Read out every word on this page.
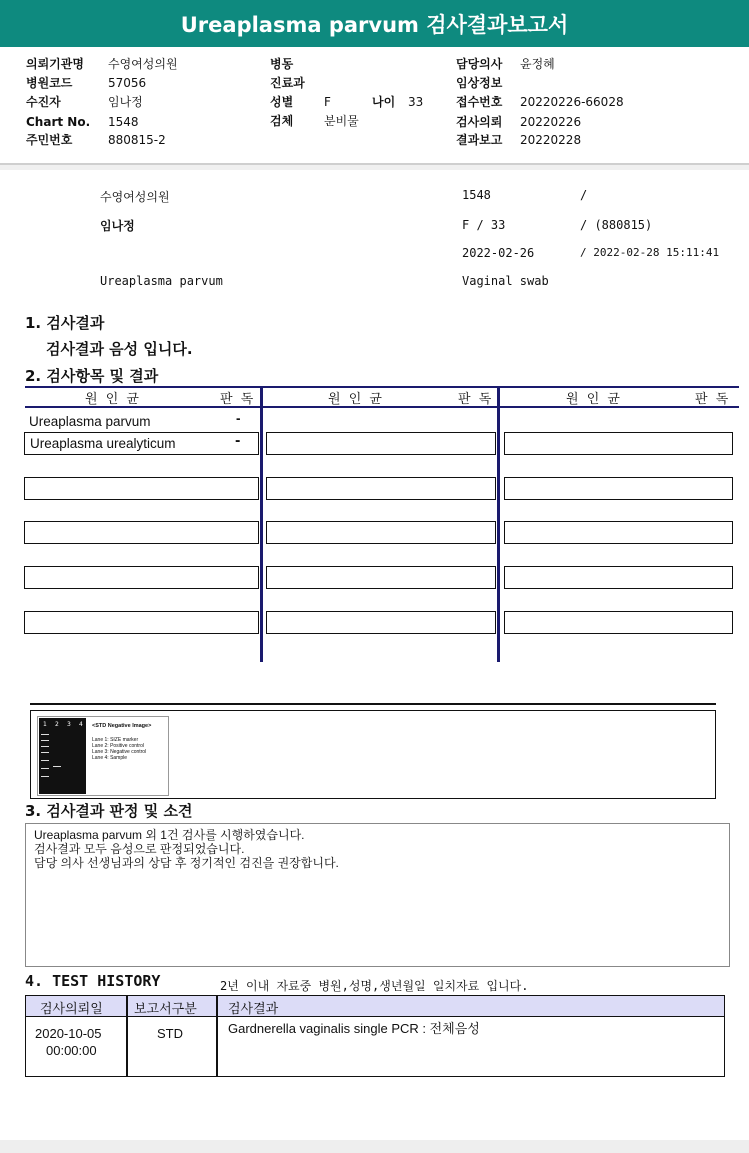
Ureaplasma parvum 검사결과보고서
의뢰기관명 수영여성의원
병원코드	57056
수진자	임나정
Chart No. 1548
주민번호	880815-2
병동
진료과
성별	F	나이 33
검체	분비물
담당의사 윤정혜
임상정보
접수번호 20220226-66028
검사의뢰 20220226
결과보고 20220228
수영여성의원	1548	/
임나정	F / 33	/ (880815)
2022-02-26	/ 2022-02-28 15:11:41
Ureaplasma parvum	Vaginal swab
1. 검사결과
검사결과 음성 입니다.
2. 검사항목 및 결과
원 인 균	판 독	원 인 균	판 독	원 인 균	판 독
Ureaplasma parvum	-
Ureaplasma urealyticum	-
1 2 3 4 <STD Negative Image>
Lane 1: SIZE marker
Lane 2: Positive control
Lane 3: Negative control
Lane 4: Sample
3. 검사결과 판정 및 소견
Ureaplasma parvum 외 1건 검사를 시행하였습니다.
검사결과 모두 음성으로 판정되었습니다.
담당 의사 선생님과의 상담 후 정기적인 검진을 권장합니다.
4. TEST HISTORY	2년 이내 자료중 병원,성명,생년월일 일치자료 입니다.
검사의뢰일 보고서구분 검사결과
2020-10-05
00:00:00
STD	Gardnerella vaginalis single PCR : 전체음성
